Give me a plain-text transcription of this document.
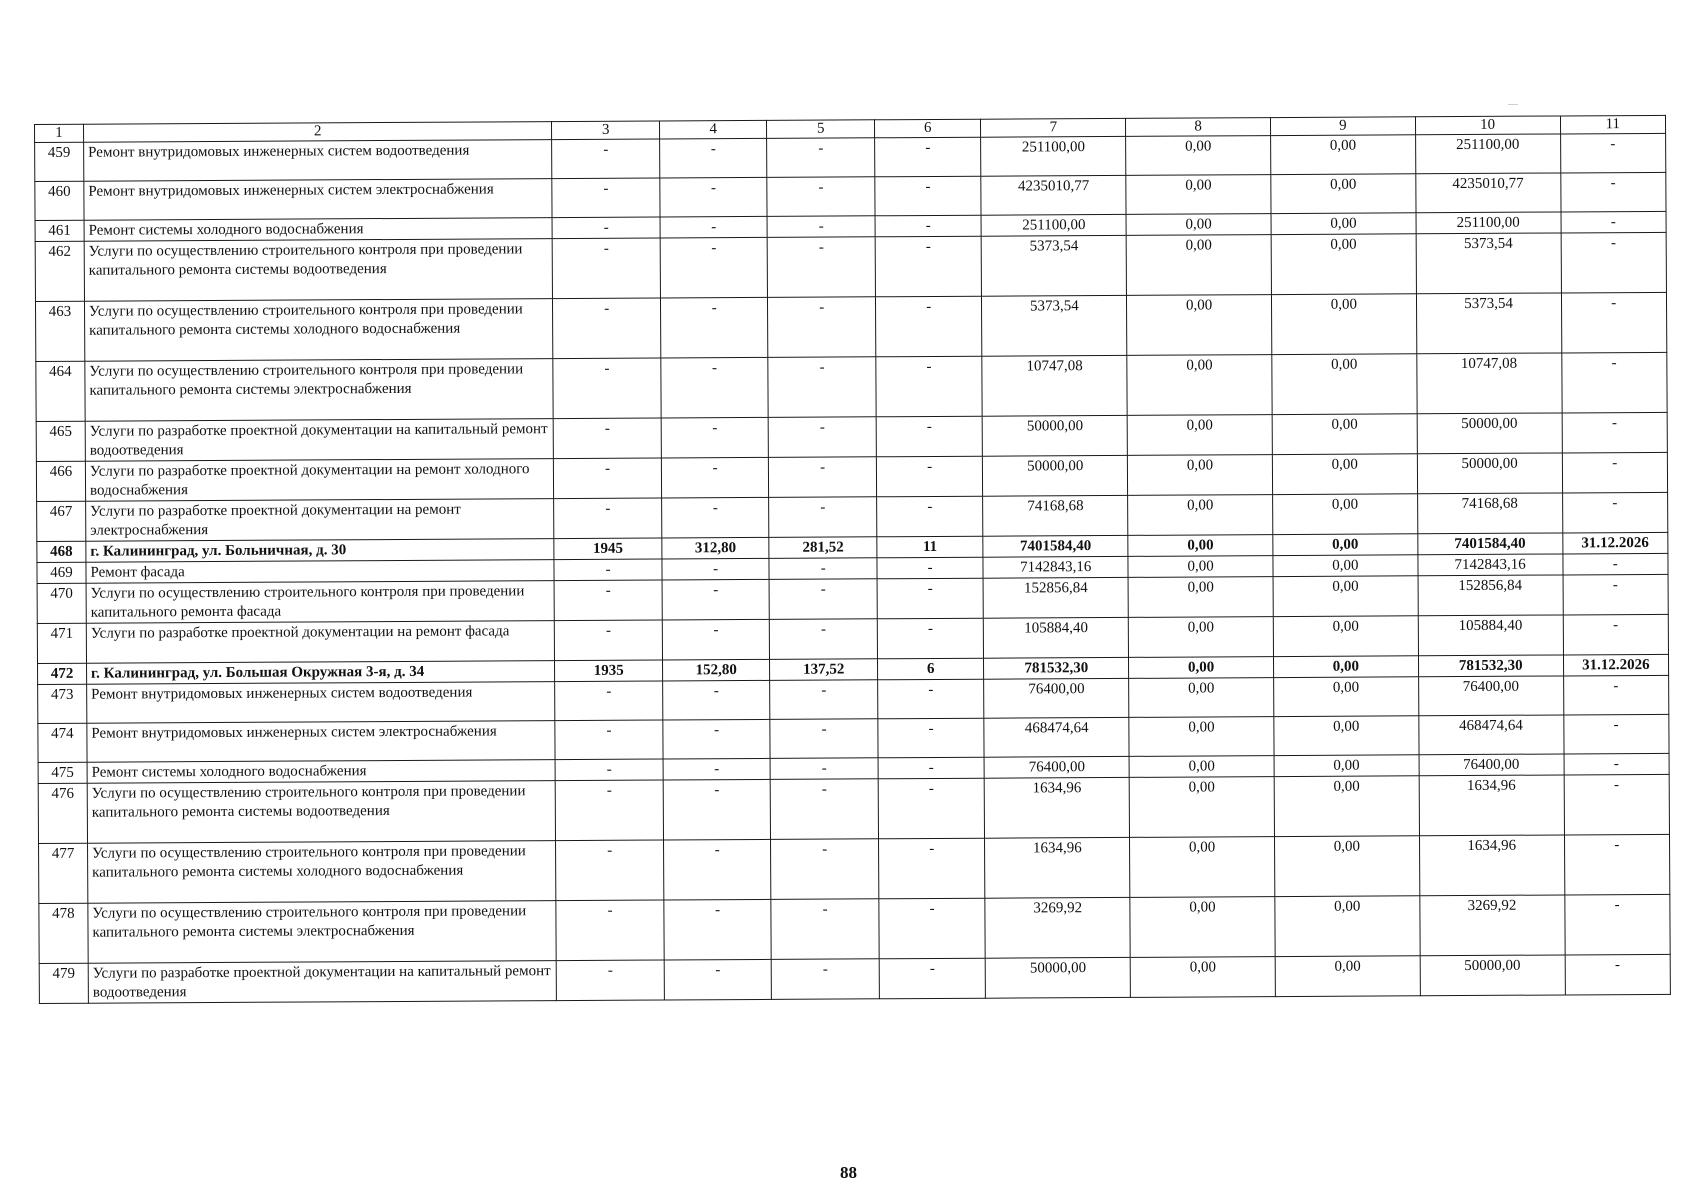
1	2	3	4	5	6	7	8	9	10	11
459	Ремонт внутридомовых инженерных систем водоотведения	-	-	-	-	251100,00	0,00	0,00	251100,00	-
460	Ремонт внутридомовых инженерных систем электроснабжения	-	-	-	-	4235010,77	0,00	0,00	4235010,77	-
461	Ремонт системы холодного водоснабжения	-	-	-	-	251100,00	0,00	0,00	251100,00	-
462	Услуги по осуществлению строительного контроля при проведении капитального ремонта системы водоотведения	-	-	-	-	5373,54	0,00	0,00	5373,54	-
463	Услуги по осуществлению строительного контроля при проведении капитального ремонта системы холодного водоснабжения	-	-	-	-	5373,54	0,00	0,00	5373,54	-
464	Услуги по осуществлению строительного контроля при проведении капитального ремонта системы электроснабжения	-	-	-	-	10747,08	0,00	0,00	10747,08	-
465	Услуги по разработке проектной документации на капитальный ремонт водоотведения	-	-	-	-	50000,00	0,00	0,00	50000,00	-
466	Услуги по разработке проектной документации на ремонт холодного водоснабжения	-	-	-	-	50000,00	0,00	0,00	50000,00	-
467	Услуги по разработке проектной документации на ремонт электроснабжения	-	-	-	-	74168,68	0,00	0,00	74168,68	-
468	г. Калининград, ул. Больничная, д. 30	1945	312,80	281,52	11	7401584,40	0,00	0,00	7401584,40	31.12.2026
469	Ремонт фасада	-	-	-	-	7142843,16	0,00	0,00	7142843,16	-
470	Услуги по осуществлению строительного контроля при проведении капитального ремонта фасада	-	-	-	-	152856,84	0,00	0,00	152856,84	-
471	Услуги по разработке проектной документации на ремонт фасада	-	-	-	-	105884,40	0,00	0,00	105884,40	-
472	г. Калининград, ул. Большая Окружная 3-я, д. 34	1935	152,80	137,52	6	781532,30	0,00	0,00	781532,30	31.12.2026
473	Ремонт внутридомовых инженерных систем водоотведения	-	-	-	-	76400,00	0,00	0,00	76400,00	-
474	Ремонт внутридомовых инженерных систем электроснабжения	-	-	-	-	468474,64	0,00	0,00	468474,64	-
475	Ремонт системы холодного водоснабжения	-	-	-	-	76400,00	0,00	0,00	76400,00	-
476	Услуги по осуществлению строительного контроля при проведении капитального ремонта системы водоотведения	-	-	-	-	1634,96	0,00	0,00	1634,96	-
477	Услуги по осуществлению строительного контроля при проведении капитального ремонта системы холодного водоснабжения	-	-	-	-	1634,96	0,00	0,00	1634,96	-
478	Услуги по осуществлению строительного контроля при проведении капитального ремонта системы электроснабжения	-	-	-	-	3269,92	0,00	0,00	3269,92	-
479	Услуги по разработке проектной документации на капитальный ремонт водоотведения	-	-	-	-	50000,00	0,00	0,00	50000,00	-
88
